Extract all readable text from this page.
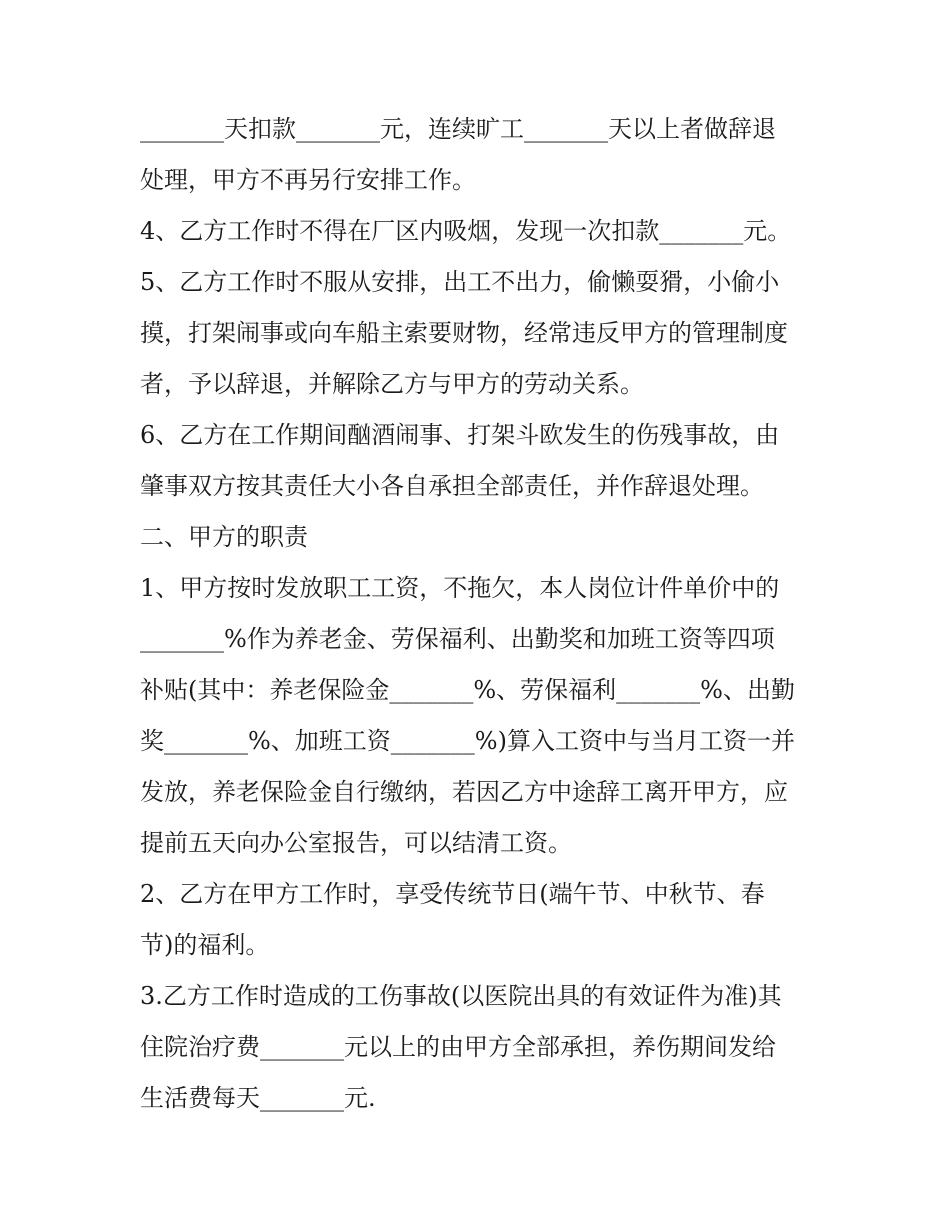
_______天扣款_______元，连续旷工_______天以上者做辞退
处理，甲方不再另行安排工作。
4、乙方工作时不得在厂区内吸烟，发现一次扣款_______元。
5、乙方工作时不服从安排，出工不出力，偷懒耍猾，小偷小
摸，打架闹事或向车船主索要财物，经常违反甲方的管理制度
者，予以辞退，并解除乙方与甲方的劳动关系。
6、乙方在工作期间酗酒闹事、打架斗欧发生的伤残事故，由
肇事双方按其责任大小各自承担全部责任，并作辞退处理。
二、甲方的职责
1、甲方按时发放职工工资，不拖欠，本人岗位计件单价中的
_______%作为养老金、劳保福利、出勤奖和加班工资等四项
补贴(其中：养老保险金_______%、劳保福利_______%、出勤
奖_______%、加班工资_______%)算入工资中与当月工资一并
发放，养老保险金自行缴纳，若因乙方中途辞工离开甲方，应
提前五天向办公室报告，可以结清工资。
2、乙方在甲方工作时，享受传统节日(端午节、中秋节、春
节)的福利。
3.乙方工作时造成的工伤事故(以医院出具的有效证件为准)其
住院治疗费_______元以上的由甲方全部承担，养伤期间发给
生活费每天_______元.
